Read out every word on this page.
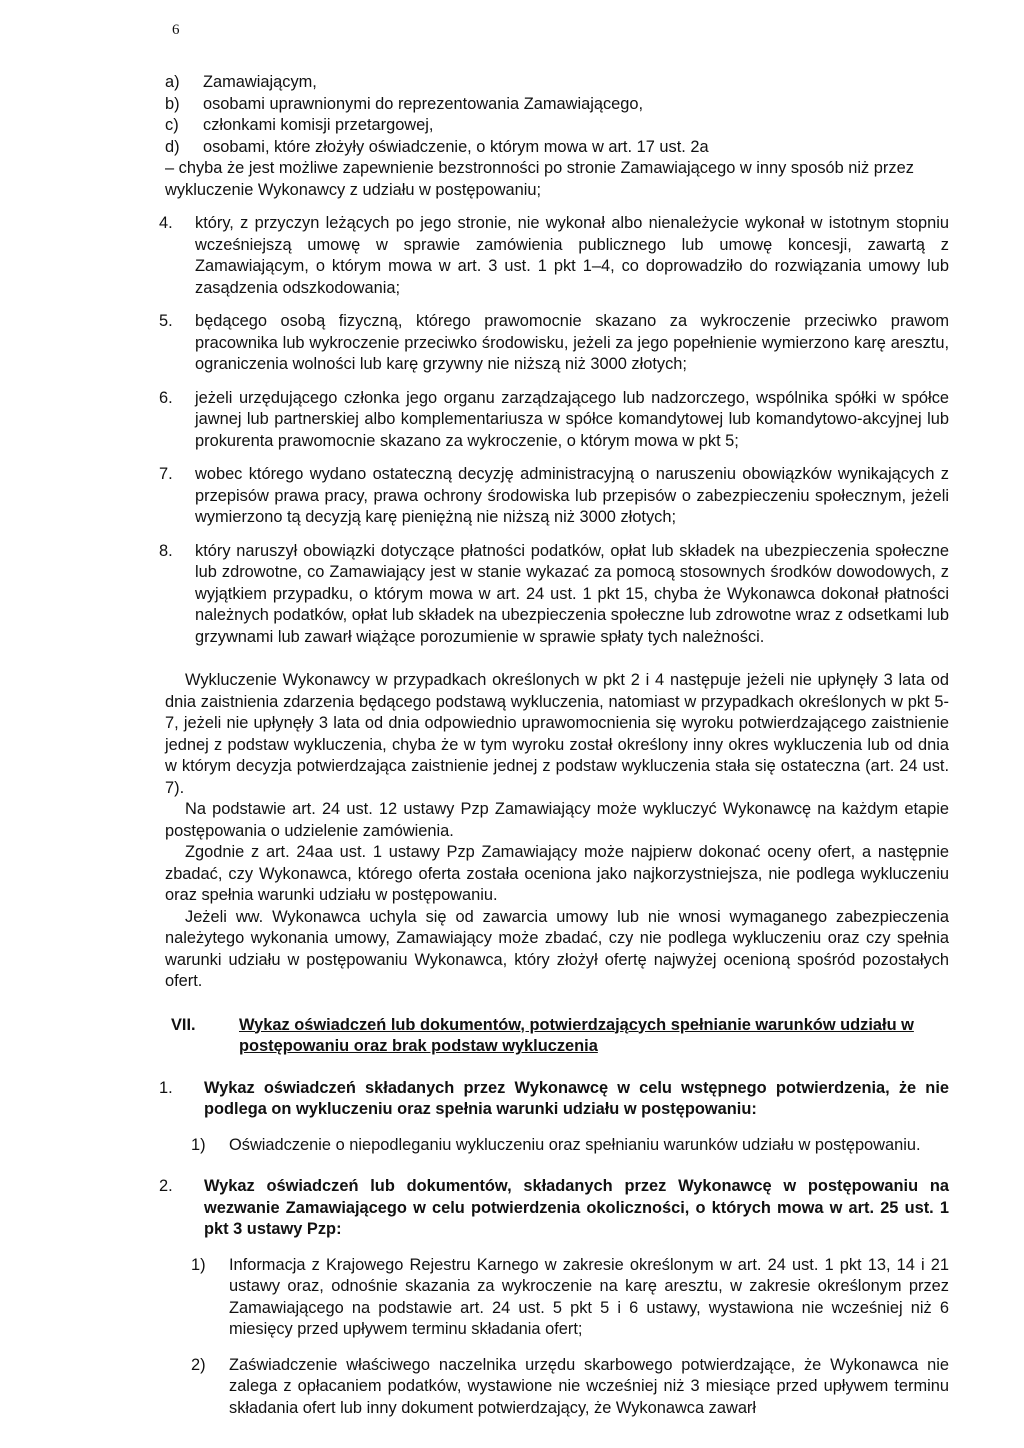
6
a)	Zamawiającym,
b)	osobami uprawnionymi do reprezentowania Zamawiającego,
c)	członkami komisji przetargowej,
d)	osobami, które złożyły oświadczenie, o którym mowa w art. 17 ust. 2a

– chyba że jest możliwe zapewnienie bezstronności po stronie Zamawiającego w inny sposób niż przez wykluczenie Wykonawcy z udziału w postępowaniu;

4.	który, z przyczyn leżących po jego stronie, nie wykonał albo nienależycie wykonał w istotnym stopniu wcześniejszą umowę w sprawie zamówienia publicznego lub umowę koncesji, zawartą z Zamawiającym, o którym mowa w art. 3 ust. 1 pkt 1–4, co doprowadziło do rozwiązania umowy lub zasądzenia odszkodowania;
5.	będącego osobą fizyczną, którego prawomocnie skazano za wykroczenie przeciwko prawom pracownika lub wykroczenie przeciwko środowisku, jeżeli za jego popełnienie wymierzono karę aresztu, ograniczenia wolności lub karę grzywny nie niższą niż 3000 złotych;
6.	jeżeli urzędującego członka jego organu zarządzającego lub nadzorczego, wspólnika spółki w spółce jawnej lub partnerskiej albo komplementariusza w spółce komandytowej lub komandytowo-akcyjnej lub prokurenta prawomocnie skazano za wykroczenie, o którym mowa w pkt 5;
7.	wobec którego wydano ostateczną decyzję administracyjną o naruszeniu obowiązków wynikających z przepisów prawa pracy, prawa ochrony środowiska lub przepisów o zabezpieczeniu społecznym, jeżeli wymierzono tą decyzją karę pieniężną nie niższą niż 3000 złotych;
8.	który naruszył obowiązki dotyczące płatności podatków, opłat lub składek na ubezpieczenia społeczne lub zdrowotne, co Zamawiający jest w stanie wykazać za pomocą stosownych środków dowodowych, z wyjątkiem przypadku, o którym mowa w art. 24 ust. 1 pkt 15, chyba że Wykonawca dokonał płatności należnych podatków, opłat lub składek na ubezpieczenia społeczne lub zdrowotne wraz z odsetkami lub grzywnami lub zawarł wiążące porozumienie w sprawie spłaty tych należności.

Wykluczenie Wykonawcy w przypadkach określonych w pkt 2 i 4 następuje jeżeli nie upłynęły 3 lata od dnia zaistnienia zdarzenia będącego podstawą wykluczenia, natomiast w przypadkach określonych w pkt 5-7, jeżeli nie upłynęły 3 lata od dnia odpowiednio uprawomocnienia się wyroku potwierdzającego zaistnienie jednej z podstaw wykluczenia, chyba że w tym wyroku został określony inny okres wykluczenia lub od dnia w którym decyzja potwierdzająca zaistnienie jednej z podstaw wykluczenia stała się ostateczna (art. 24 ust. 7).

Na podstawie art. 24 ust. 12 ustawy Pzp Zamawiający może wykluczyć Wykonawcę na każdym etapie postępowania o udzielenie zamówienia.

Zgodnie z art. 24aa ust. 1 ustawy Pzp Zamawiający może najpierw dokonać oceny ofert, a następnie zbadać, czy Wykonawca, którego oferta została oceniona jako najkorzystniejsza, nie podlega wykluczeniu oraz spełnia warunki udziału w postępowaniu.

Jeżeli ww. Wykonawca uchyla się od zawarcia umowy lub nie wnosi wymaganego zabezpieczenia należytego wykonania umowy, Zamawiający może zbadać, czy nie podlega wykluczeniu oraz czy spełnia warunki udziału w postępowaniu Wykonawca, który złożył ofertę najwyżej ocenioną spośród pozostałych ofert.

VII.	Wykaz oświadczeń lub dokumentów, potwierdzających spełnianie warunków udziału w postępowaniu oraz brak podstaw wykluczenia
1.	Wykaz oświadczeń składanych przez Wykonawcę w celu wstępnego potwierdzenia, że nie podlega on wykluczeniu oraz spełnia warunki udziału w postępowaniu:
1)	Oświadczenie o niepodleganiu wykluczeniu oraz spełnianiu warunków udziału w postępowaniu.
2.	Wykaz oświadczeń lub dokumentów, składanych przez Wykonawcę w postępowaniu na wezwanie Zamawiającego w celu potwierdzenia okoliczności, o których mowa w art. 25 ust. 1 pkt 3 ustawy Pzp:
1)	Informacja z Krajowego Rejestru Karnego w zakresie określonym w art. 24 ust. 1 pkt 13, 14 i 21 ustawy oraz, odnośnie skazania za wykroczenie na karę aresztu, w zakresie określonym przez Zamawiającego na podstawie art. 24 ust. 5 pkt 5 i 6 ustawy, wystawiona nie wcześniej niż 6 miesięcy przed upływem terminu składania ofert;
2)	Zaświadczenie właściwego naczelnika urzędu skarbowego potwierdzające, że Wykonawca nie zalega z opłacaniem podatków, wystawione nie wcześniej niż 3 miesiące przed upływem terminu składania ofert lub inny dokument potwierdzający, że Wykonawca zawarł
